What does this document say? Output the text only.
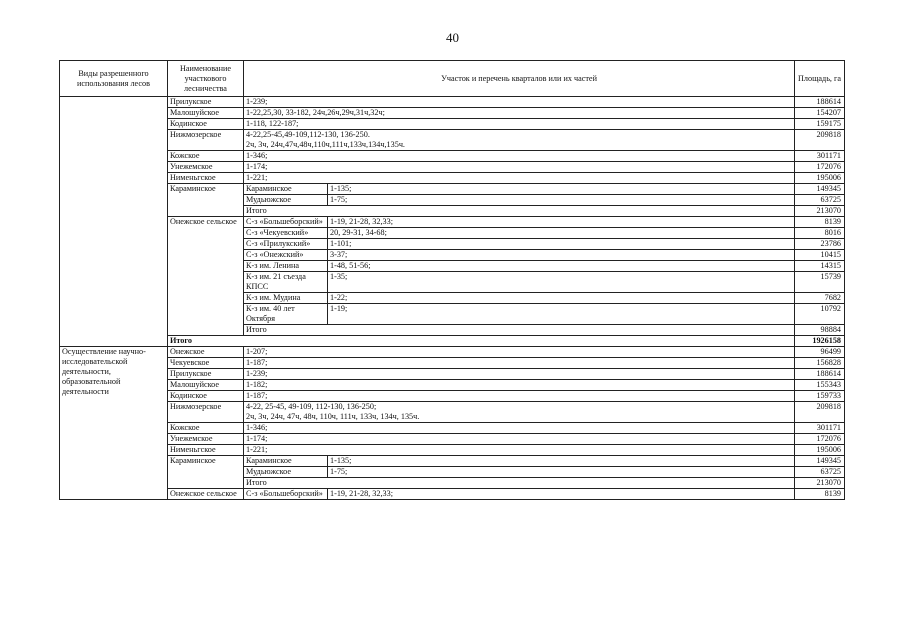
40
Виды разрешенного использования лесов	Наименование участкового лесничества	Участок и перечень кварталов или их частей		Площадь, га
	Прилукское	1-239;		188614
	Малошуйское	1-22,25,30, 33-182, 24ч,26ч,29ч,31ч,32ч;		154207
	Кодинское	1-118, 122-187;		159175
	Нижмозерское	4-22,25-45,49-109,112-130, 136-250.
2ч, 3ч, 24ч,47ч,48ч,110ч,111ч,133ч,134ч,135ч.		209818
	Кожское	1-346;		301171
	Унежемское	1-174;		172076
	Нименьгское	1-221;		195006
	Караминское	Караминское	1-135;	149345
		Мудьюжское	1-75;	63725
		Итого		213070
	Онежское сельское	С-з «Большеборский»	1-19, 21-28, 32,33;	8139
		С-з «Чекуевский»	20, 29-31, 34-68;	8016
		С-з «Прилукский»	1-101;	23786
		С-з «Онежский»	3-37;	10415
		К-з им. Ленина	1-48, 51-56;	14315
		К-з им. 21 съезда КПСС	1-35;	15739
		К-з им. Мудина	1-22;	7682
		К-з им. 40 лет Октября	1-19;	10792
		Итого		98884
	Итого			1926158
Осуществление научно-исследовательской деятельности, образовательной деятельности	Онежское	1-207;		96499
	Чекуевское	1-187;		156828
	Прилукское	1-239;		188614
	Малошуйское	1-182;		155343
	Кодинское	1-187;		159733
	Нижмозерское	4-22, 25-45, 49-109, 112-130, 136-250;
2ч, 3ч, 24ч, 47ч, 48ч, 110ч, 111ч, 133ч, 134ч, 135ч.		209818
	Кожское	1-346;		301171
	Унежемское	1-174;		172076
	Нименьгское	1-221;		195006
	Караминское	Караминское	1-135;	149345
		Мудьюжское	1-75;	63725
		Итого		213070
	Онежское сельское	С-з «Большеборский»	1-19, 21-28, 32,33;	8139
